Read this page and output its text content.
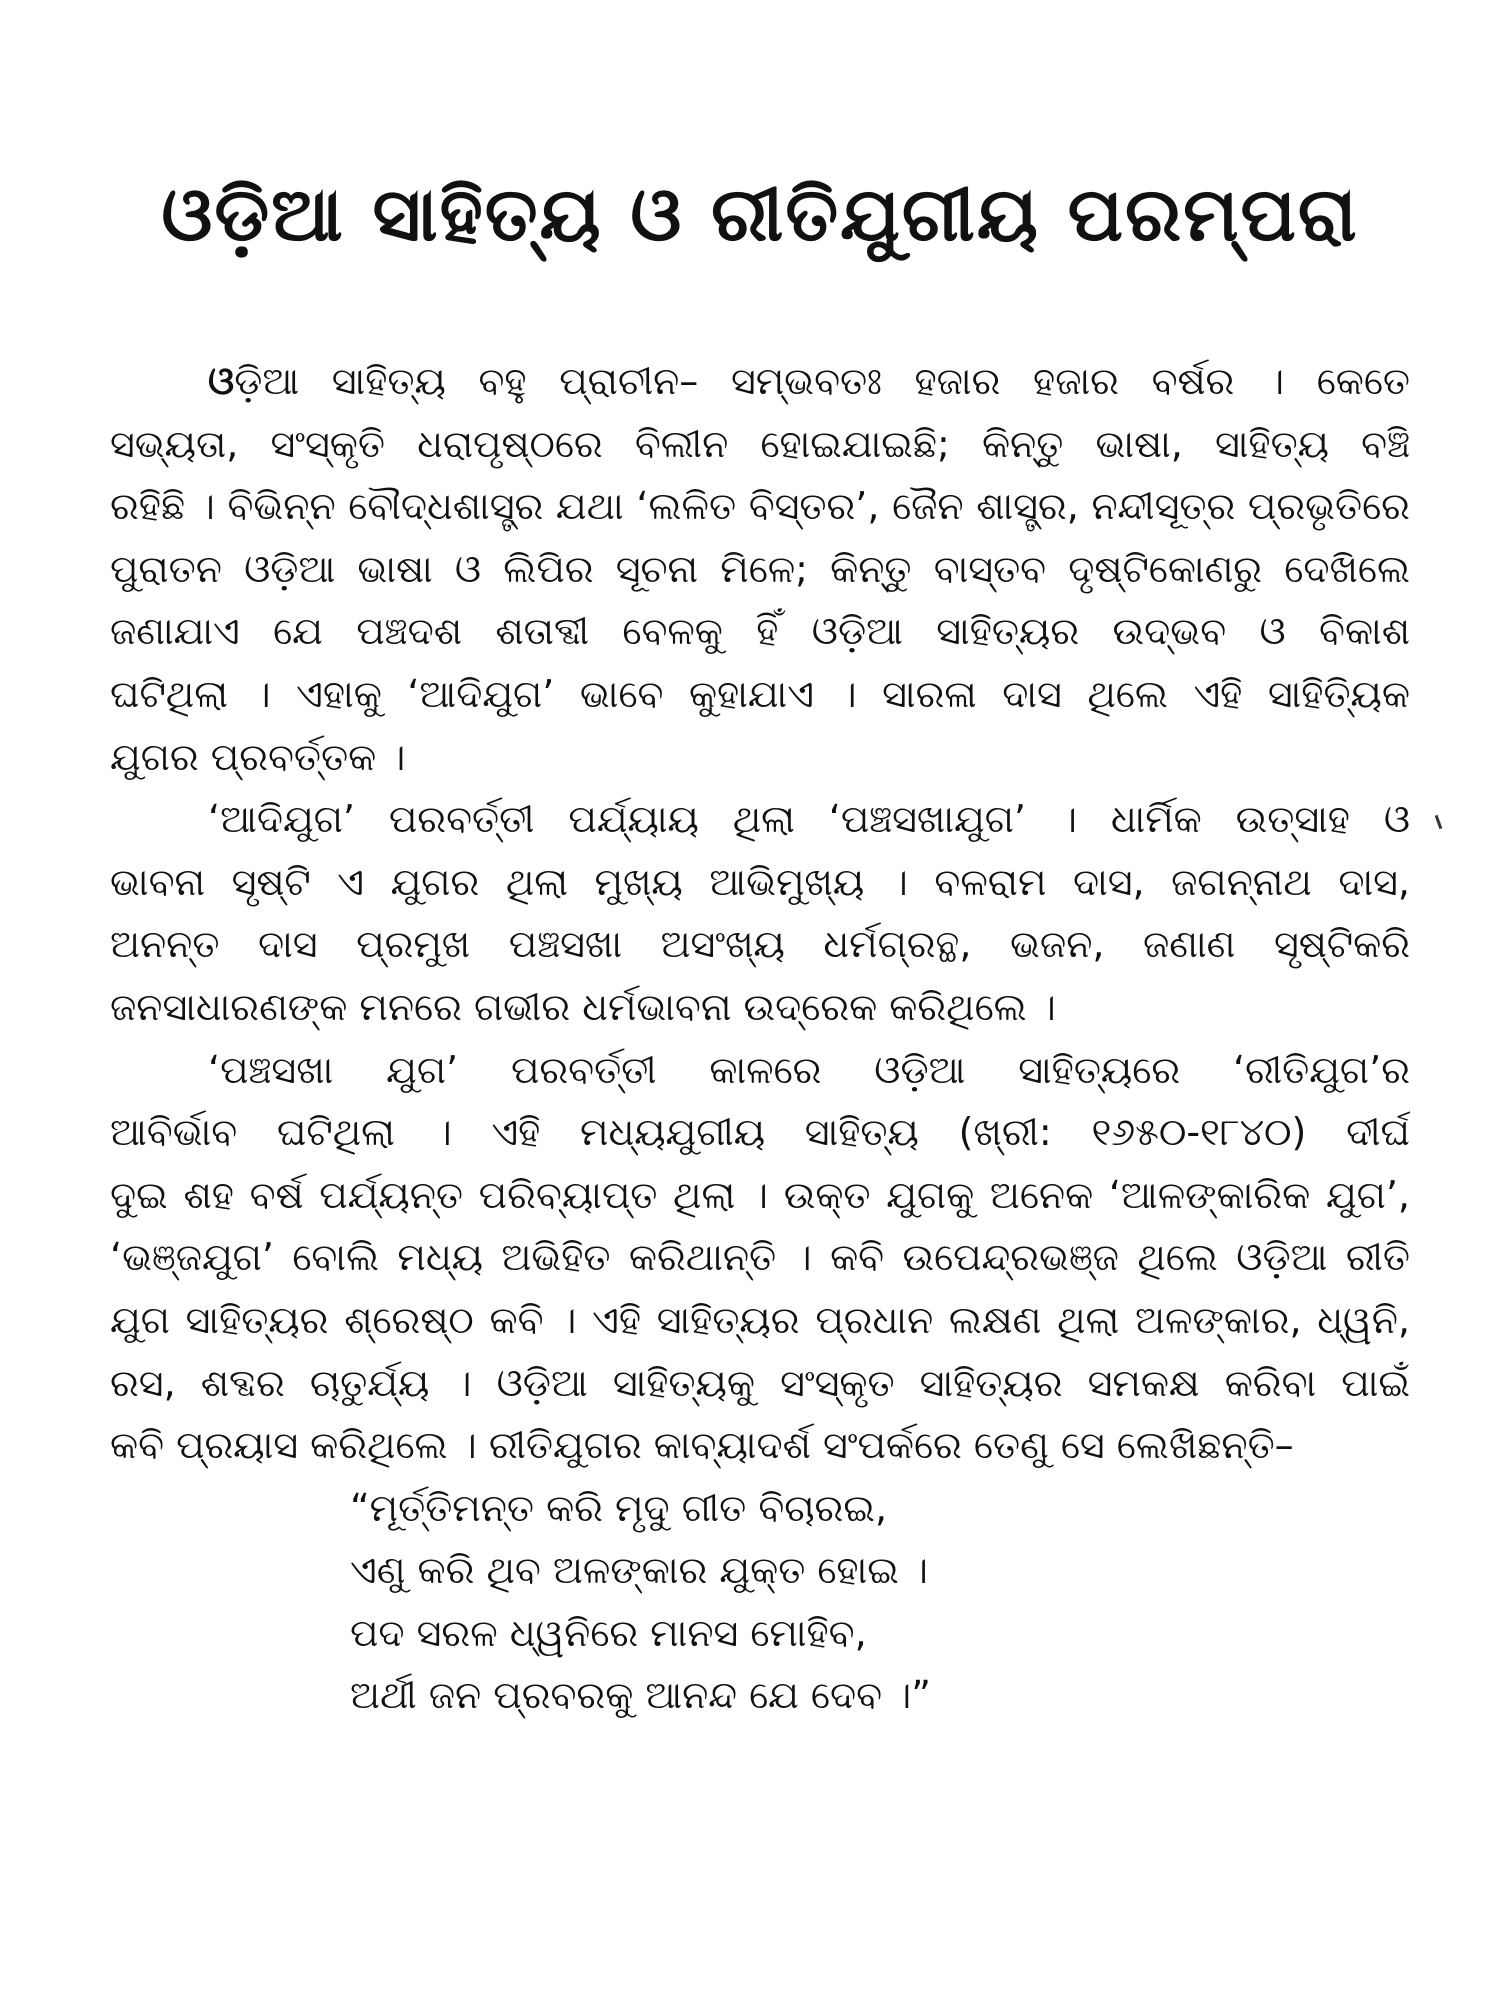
ଓଡ଼ିଆ ସାହିତ୍ୟ ଓ ରୀତିଯୁଗୀୟ ପରମ୍ପରା
ଓଡ଼ିଆ ସାହିତ୍ୟ ବହୁ ପ୍ରାଚୀନ– ସମ୍ଭବତଃ ହଜାର ହଜାର ବର୍ଷର । କେତେ
ସଭ୍ୟତା, ସଂସ୍କୃତି ଧରାପୃଷ୍ଠରେ ବିଲୀନ ହୋଇଯାଇଛି; କିନ୍ତୁ ଭାଷା, ସାହିତ୍ୟ ବଞ୍ଚି
ରହିଛି । ବିଭିନ୍ନ ବୌଦ୍ଧଶାସ୍ତ୍ର ଯଥା ‘ଲଳିତ ବିସ୍ତର’, ଜୈନ ଶାସ୍ତ୍ର, ନନ୍ଦୀସୂତ୍ର ପ୍ରଭୃତିରେ
ପୁରାତନ ଓଡ଼ିଆ ଭାଷା ଓ ଲିପିର ସୂଚନା ମିଳେ; କିନ୍ତୁ ବାସ୍ତବ ଦୃଷ୍ଟିକୋଣରୁ ଦେଖିଲେ
ଜଣାଯାଏ ଯେ ପଞ୍ଚଦଶ ଶତାବ୍ଦୀ ବେଳକୁ ହିଁ ଓଡ଼ିଆ ସାହିତ୍ୟର ଉଦ୍‌ଭବ ଓ ବିକାଶ
ଘଟିଥିଲା । ଏହାକୁ ‘ଆଦିଯୁଗ’ ଭାବେ କୁହାଯାଏ । ସାରଳା ଦାସ ଥିଲେ ଏହି ସାହିତ୍ୟିକ
ଯୁଗର ପ୍ରବର୍ତ୍ତକ ।
‘ଆଦିଯୁଗ’ ପରବର୍ତ୍ତୀ ପର୍ଯ୍ୟାୟ ଥିଲା ‘ପଞ୍ଚସଖାଯୁଗ’ । ଧାର୍ମିକ ଉତ୍ସାହ ଓ
ଭାବନା ସୃଷ୍ଟି ଏ ଯୁଗର ଥିଲା ମୁଖ୍ୟ ଆଭିମୁଖ୍ୟ । ବଳରାମ ଦାସ, ଜଗନ୍ନାଥ ଦାସ,
ଅନନ୍ତ ଦାସ ପ୍ରମୁଖ ପଞ୍ଚସଖା ଅସଂଖ୍ୟ ଧର୍ମଗ୍ରନ୍ଥ, ଭଜନ, ଜଣାଣ ସୃଷ୍ଟିକରି
ଜନସାଧାରଣଙ୍କ ମନରେ ଗଭୀର ଧର୍ମଭାବନା ଉଦ୍ରେକ କରିଥିଲେ ।
‘ପଞ୍ଚସଖା ଯୁଗ’ ପରବର୍ତ୍ତୀ କାଳରେ ଓଡ଼ିଆ ସାହିତ୍ୟରେ ‘ରୀତିଯୁଗ’ର
ଆବିର୍ଭାବ ଘଟିଥିଲା । ଏହି ମଧ୍ୟଯୁଗୀୟ ସାହିତ୍ୟ (ଖ୍ରୀ: ୧୬୫୦-୧୮୪୦) ଦୀର୍ଘ
ଦୁଇ ଶହ ବର୍ଷ ପର୍ଯ୍ୟନ୍ତ ପରିବ୍ୟାପ୍ତ ଥିଲା । ଉକ୍ତ ଯୁଗକୁ ଅନେକ ‘ଆଳଙ୍କାରିକ ଯୁଗ’,
‘ଭଞ୍ଜଯୁଗ’ ବୋଲି ମଧ୍ୟ ଅଭିହିତ କରିଥାନ୍ତି । କବି ଉପେନ୍ଦ୍ରଭଞ୍ଜ ଥିଲେ ଓଡ଼ିଆ ରୀତି
ଯୁଗ ସାହିତ୍ୟର ଶ୍ରେଷ୍ଠ କବି । ଏହି ସାହିତ୍ୟର ପ୍ରଧାନ ଲକ୍ଷଣ ଥିଲା ଅଳଙ୍କାର, ଧ୍ୱନି,
ରସ, ଶବ୍ଦର ଚାତୁର୍ଯ୍ୟ । ଓଡ଼ିଆ ସାହିତ୍ୟକୁ ସଂସ୍କୃତ ସାହିତ୍ୟର ସମକକ୍ଷ କରିବା ପାଇଁ
କବି ପ୍ରୟାସ କରିଥିଲେ । ରୀତିଯୁଗର କାବ୍ୟାଦର୍ଶ ସଂପର୍କରେ ତେଣୁ ସେ ଲେଖିଛନ୍ତି–
“ମୂର୍ତ୍ତିମନ୍ତ କରି ମୃଦୁ ଗୀତ ବିଚାରଇ,
ଏଣୁ କରି ଥିବ ଅଳଙ୍କାର ଯୁକ୍ତ ହୋଇ ।
ପଦ ସରଳ ଧ୍ୱନିରେ ମାନସ ମୋହିବ,
ଅର୍ଥୀ ଜନ ପ୍ରବରକୁ ଆନନ୍ଦ ଯେ ଦେବ ।”
